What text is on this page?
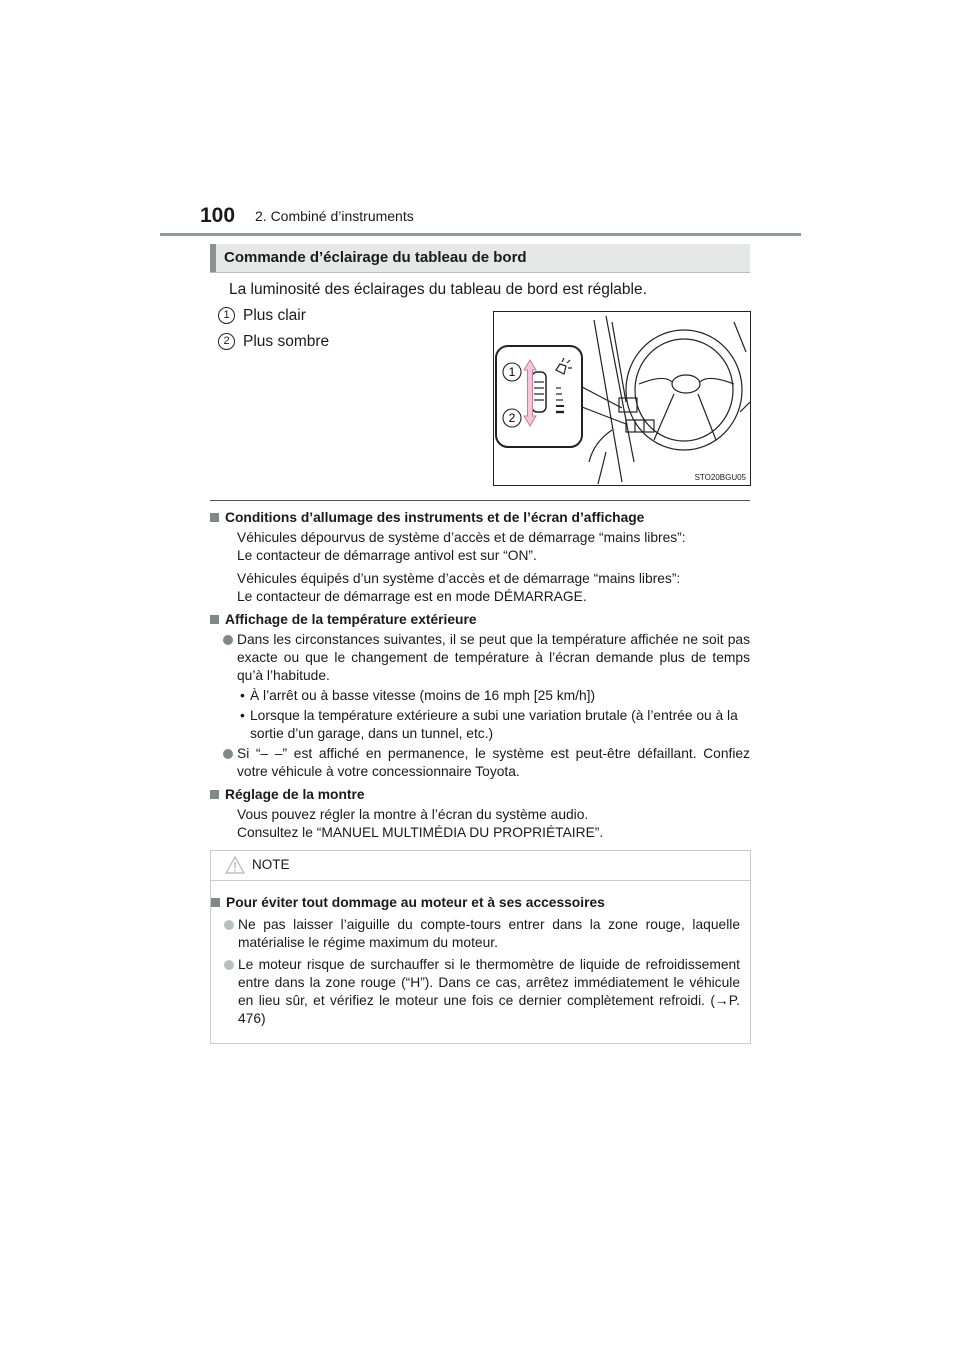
100 2. Combiné d’instruments
Commande d’éclairage du tableau de bord
La luminosité des éclairages du tableau de bord est réglable.
1 Plus clair
2 Plus sombre
1
2
STO20BGU05
Conditions d’allumage des instruments et de l’écran d’affichage
Véhicules dépourvus de système d’accès et de démarrage “mains libres”:
Le contacteur de démarrage antivol est sur “ON”.
Véhicules équipés d’un système d’accès et de démarrage “mains libres”:
Le contacteur de démarrage est en mode DÉMARRAGE.
Affichage de la température extérieure
Dans les circonstances suivantes, il se peut que la température affichée ne soit pas exacte ou que le changement de température à l’écran demande plus de temps qu’à l’habitude.
• À l’arrêt ou à basse vitesse (moins de 16 mph [25 km/h])
• Lorsque la température extérieure a subi une variation brutale (à l’entrée ou à la sortie d’un garage, dans un tunnel, etc.)
Si “– –” est affiché en permanence, le système est peut-être défaillant. Confiez votre véhicule à votre concessionnaire Toyota.
Réglage de la montre
Vous pouvez régler la montre à l’écran du système audio.
Consultez le “MANUEL MULTIMÉDIA DU PROPRIÉTAIRE”.
NOTE
Pour éviter tout dommage au moteur et à ses accessoires
Ne pas laisser l’aiguille du compte-tours entrer dans la zone rouge, laquelle matérialise le régime maximum du moteur.
Le moteur risque de surchauffer si le thermomètre de liquide de refroidissement entre dans la zone rouge (“H”). Dans ce cas, arrêtez immédiatement le véhicule en lieu sûr, et vérifiez le moteur une fois ce dernier complètement refroidi. (→P. 476)
